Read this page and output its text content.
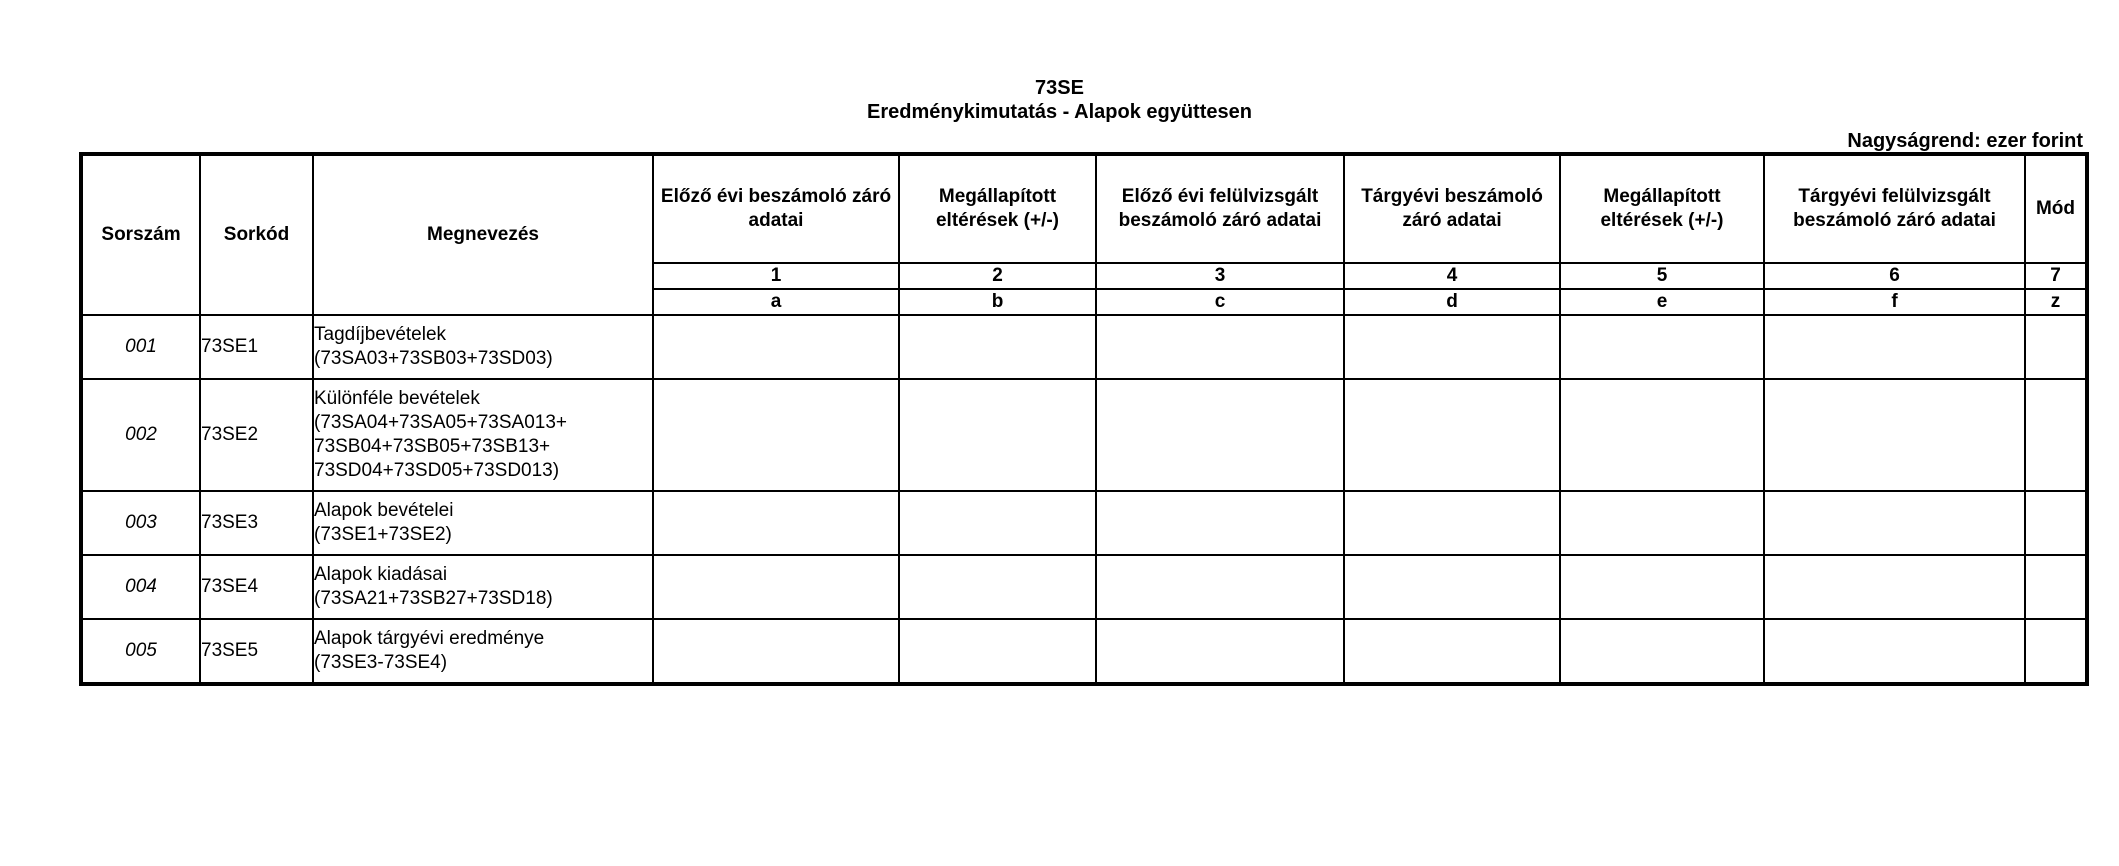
73SE
Eredménykimutatás - Alapok együttesen
Nagyságrend: ezer forint
Sorszám	Sorkód	Megnevezés	Előző évi beszámoló záró adatai	Megállapított eltérések (+/-)	Előző évi felülvizsgált beszámoló záró adatai	Tárgyévi beszámoló záró adatai	Megállapított eltérések (+/-)	Tárgyévi felülvizsgált beszámoló záró adatai	Mód
			1	2	3	4	5	6	7
			a	b	c	d	e	f	z
001	73SE1	Tagdíjbevételek
(73SA03+73SB03+73SD03)							

002	73SE2	Különféle bevételek
(73SA04+73SA05+73SA013+ 73SB04+73SB05+73SB13+ 73SD04+73SD05+73SD013)							

003	73SE3	Alapok bevételei
(73SE1+73SE2)							

004	73SE4	Alapok kiadásai
(73SA21+73SB27+73SD18)							

005	73SE5	Alapok tárgyévi eredménye
(73SE3-73SE4)							
